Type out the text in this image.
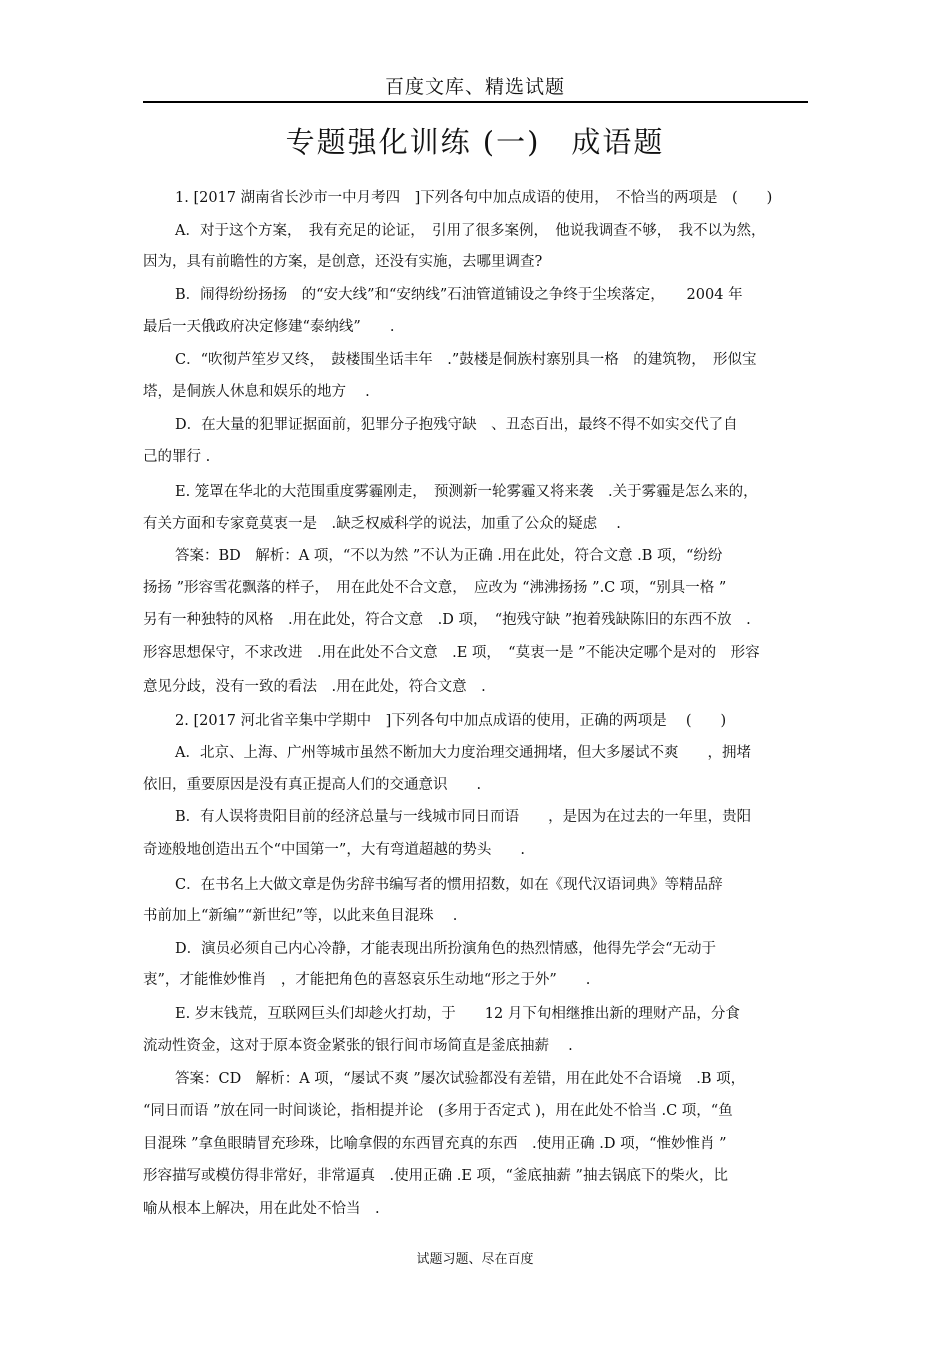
百度文库、精选试题
专题强化训练 (一)　成语题
1. [2017 湖南省长沙市一中月考四　]下列各句中加点成语的使用，　不恰当的两项是　(　　)
A．对于这个方案，　我有充足的论证，　引用了很多案例，　他说我调查不够，　我不以为然，
因为，具有前瞻性的方案，是创意，还没有实施，去哪里调查?
B．闹得纷纷扬扬　的“安大线”和“安纳线”石油管道铺设之争终于尘埃落定，　　2004 年
最后一天俄政府决定修建“泰纳线”　　.
C．“吹彻芦笙岁又终，　鼓楼围坐话丰年　.”鼓楼是侗族村寨别具一格　的建筑物，　形似宝
塔，是侗族人休息和娱乐的地方　 .
D．在大量的犯罪证据面前，犯罪分子抱残守缺　、丑态百出，最终不得不如实交代了自
己的罪行 .
E. 笼罩在华北的大范围重度雾霾刚走，　预测新一轮雾霾又将来袭　.关于雾霾是怎么来的，
有关方面和专家竟莫衷一是　.缺乏权威科学的说法，加重了公众的疑虑　 .
答案：BD　解析：A 项，“不以为然 ”不认为正确 .用在此处，符合文意 .B 项，“纷纷
扬扬 ”形容雪花飘落的样子，　用在此处不合文意，　应改为 “沸沸扬扬 ”.C 项，“别具一格 ”
另有一种独特的风格　.用在此处，符合文意　.D 项，　“抱残守缺 ”抱着残缺陈旧的东西不放　.
形容思想保守，不求改进　.用在此处不合文意　.E 项，　“莫衷一是 ”不能决定哪个是对的　形容
意见分歧，没有一致的看法　.用在此处，符合文意　.
2. [2017 河北省辛集中学期中　]下列各句中加点成语的使用，正确的两项是　 (　　)
A．北京、上海、广州等城市虽然不断加大力度治理交通拥堵，但大多屡试不爽　　，拥堵
依旧，重要原因是没有真正提高人们的交通意识　　.
B．有人误将贵阳目前的经济总量与一线城市同日而语　　，是因为在过去的一年里，贵阳
奇迹般地创造出五个“中国第一”，大有弯道超越的势头　　.
C．在书名上大做文章是伪劣辞书编写者的惯用招数，如在《现代汉语词典》等精品辞
书前加上“新编”“新世纪”等，以此来鱼目混珠　 .
D．演员必须自己内心冷静，才能表现出所扮演角色的热烈情感，他得先学会“无动于
衷”，才能惟妙惟肖　，才能把角色的喜怒哀乐生动地“形之于外”　　.
E. 岁末钱荒，互联网巨头们却趁火打劫，于　　12 月下旬相继推出新的理财产品，分食
流动性资金，这对于原本资金紧张的银行间市场简直是釜底抽薪　 .
答案：CD　解析：A 项，“屡试不爽 ”屡次试验都没有差错，用在此处不合语境　.B 项，
“同日而语 ”放在同一时间谈论，指相提并论　(多用于否定式 )，用在此处不恰当 .C 项，“鱼
目混珠 ”拿鱼眼睛冒充珍珠，比喻拿假的东西冒充真的东西　.使用正确 .D 项，“惟妙惟肖 ”
形容描写或模仿得非常好，非常逼真　.使用正确 .E 项，“釜底抽薪 ”抽去锅底下的柴火，比
喻从根本上解决，用在此处不恰当　.
试题习题、尽在百度
